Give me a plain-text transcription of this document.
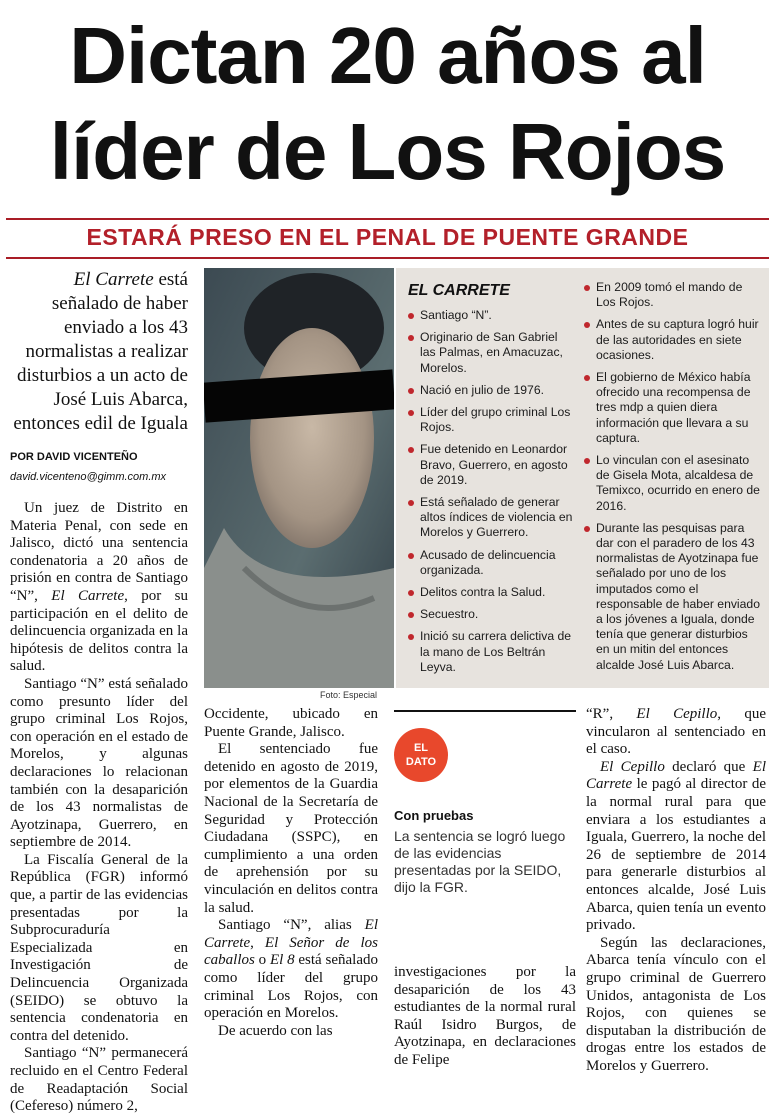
Dictan 20 años al
líder de Los Rojos
ESTARÁ PRESO EN EL PENAL DE PUENTE GRANDE
El Carrete está señalado de haber enviado a los 43 normalistas a realizar disturbios a un acto de José Luis Abarca, entonces edil de Iguala
POR DAVID VICENTEÑO
david.vicenteno@gimm.com.mx

Un juez de Distrito en Materia Penal, con sede en Jalisco, dictó una sentencia condenatoria a 20 años de prisión en contra de Santiago “N”, El Carrete, por su participación en el delito de delincuencia organizada en la hipótesis de delitos contra la salud.

Santiago “N” está señalado como presunto líder del grupo criminal Los Rojos, con operación en el estado de Morelos, y algunas declaraciones lo relacionan también con la desaparición de los 43 normalistas de Ayotzinapa, Guerrero, en septiembre de 2014.

La Fiscalía General de la República (FGR) informó que, a partir de las evidencias presentadas por la Subprocuraduría Especializada en Investigación de Delincuencia Organizada (SEIDO) se obtuvo la sentencia condenatoria en contra del detenido.

Santiago “N” permanecerá recluido en el Centro Federal de Readaptación Social (Cefereso) número 2,

Foto: Especial
EL CARRETE
Santiago “N”.
Originario de San Gabriel las Palmas, en Amacuzac, Morelos.
Nació en julio de 1976.
Líder del grupo criminal Los Rojos.
Fue detenido en Leonardor Bravo, Guerrero, en agosto de 2019.
Está señalado de generar altos índices de violencia en Morelos y Guerrero.
Acusado de delincuencia organizada.
Delitos contra la Salud.
Secuestro.
Inició su carrera delictiva de la mano de Los Beltrán Leyva.
En 2009 tomó el mando de Los Rojos.
Antes de su captura logró huir de las autoridades en siete ocasiones.
El gobierno de México había ofrecido una recompensa de tres mdp a quien diera información que llevara a su captura.
Lo vinculan con el asesinato de Gisela Mota, alcaldesa de Temixco, ocurrido en enero de 2016.
Durante las pesquisas para dar con el paradero de los 43 normalistas de Ayotzinapa fue señalado por uno de los imputados como el responsable de haber enviado a los jóvenes a Iguala, donde tenía que generar disturbios en un mitin del entonces alcalde José Luis Abarca.

Occidente, ubicado en Puente Grande, Jalisco.

El sentenciado fue detenido en agosto de 2019, por elementos de la Guardia Nacional de la Secretaría de Seguridad y Protección Ciudadana (SSPC), en cumplimiento a una orden de aprehensión por su vinculación en delitos contra la salud.

Santiago “N”, alias El Carrete, El Señor de los caballos o El 8 está señalado como líder del grupo criminal Los Rojos, con operación en Morelos.

De acuerdo con las

EL
DATO
Con pruebas
La sentencia se logró luego de las evidencias presentadas por la SEIDO, dijo la FGR.

investigaciones por la desaparición de los 43 estudiantes de la normal rural Raúl Isidro Burgos, de Ayotzinapa, en declaraciones de Felipe

“R”, El Cepillo, que vincularon al sentenciado en el caso.

El Cepillo declaró que El Carrete le pagó al director de la normal rural para que enviara a los estudiantes a Iguala, Guerrero, la noche del 26 de septiembre de 2014 para generarle disturbios al entonces alcalde, José Luis Abarca, quien tenía un evento privado.

Según las declaraciones, Abarca tenía vínculo con el grupo criminal de Guerrero Unidos, antagonista de Los Rojos, con quienes se disputaban la distribución de drogas entre los estados de Morelos y Guerrero.
